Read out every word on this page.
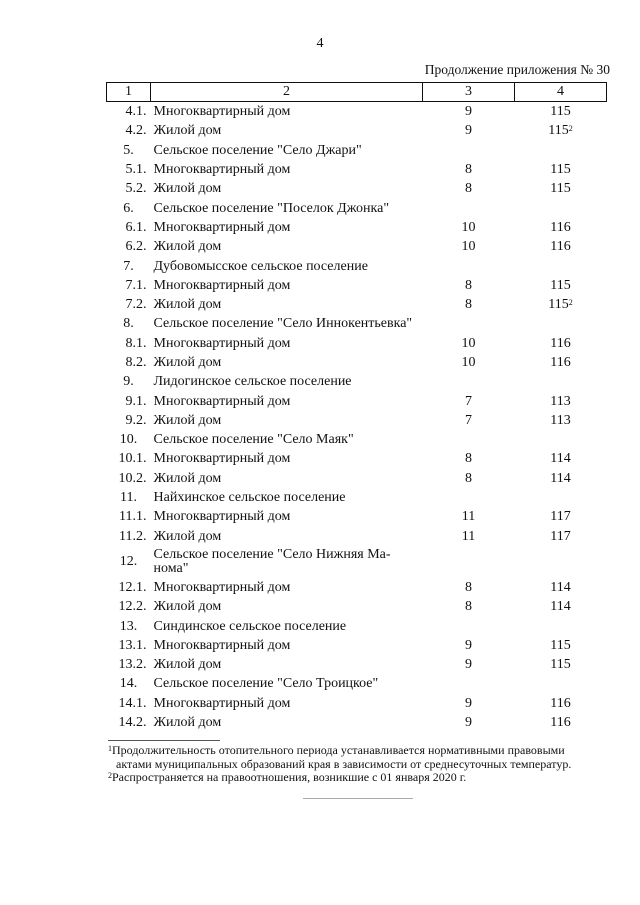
4
Продолжение приложения № 30
1	2	3	4
4.1.	Многоквартирный дом	9	115
4.2.	Жилой дом	9	$115^2$
5.	Сельское поселение "Село Джари"		
5.1.	Многоквартирный дом	8	115
5.2.	Жилой дом	8	115
6.	Сельское поселение "Поселок Джонка"		
6.1.	Многоквартирный дом	10	116
6.2.	Жилой дом	10	116
7.	Дубовомысское сельское поселение		
7.1.	Многоквартирный дом	8	115
7.2.	Жилой дом	8	$115^2$
8.	Сельское поселение "Село Иннокентьевка"		
8.1.	Многоквартирный дом	10	116
8.2.	Жилой дом	10	116
9.	Лидогинское сельское поселение		
9.1.	Многоквартирный дом	7	113
9.2.	Жилой дом	7	113
10.	Сельское поселение "Село Маяк"		
10.1.	Многоквартирный дом	8	114
10.2.	Жилой дом	8	114
11.	Найхинское сельское поселение		
11.1.	Многоквартирный дом	11	117
11.2.	Жилой дом	11	117
12.	Сельское поселение "Село Нижняя Ма-нома"		
12.1.	Многоквартирный дом	8	114
12.2.	Жилой дом	8	114
13.	Синдинское сельское поселение		
13.1.	Многоквартирный дом	9	115
13.2.	Жилой дом	9	115
14.	Сельское поселение "Село Троицкое"		
14.1.	Многоквартирный дом	9	116
14.2.	Жилой дом	9	116

$^1$Продолжительность отопительного периода устанавливается нормативными правовыми
актами муниципальных образований края в зависимости от среднесуточных температур.

$^2$Распространяется на правоотношения, возникшие с 01 января 2020 г.
